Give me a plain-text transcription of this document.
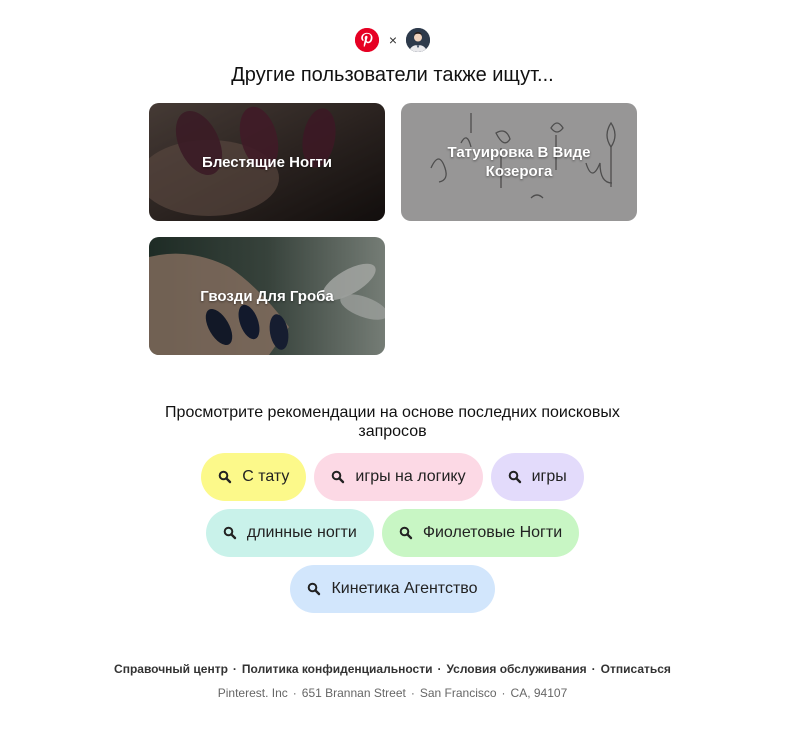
×
Другие пользователи также ищут...
Блестящие Ногти
Татуировка В Виде Козерога
Гвозди Для Гроба
Просмотрите рекомендации на основе последних поисковых запросов
С тату	игры на логику	игры
длинные ногти	Фиолетовые Ногти
Кинетика Агентство
Справочный центр · Политика конфиденциальности · Условия обслуживания · Отписаться
Pinterest. Inc · 651 Brannan Street · San Francisco · CA, 94107
